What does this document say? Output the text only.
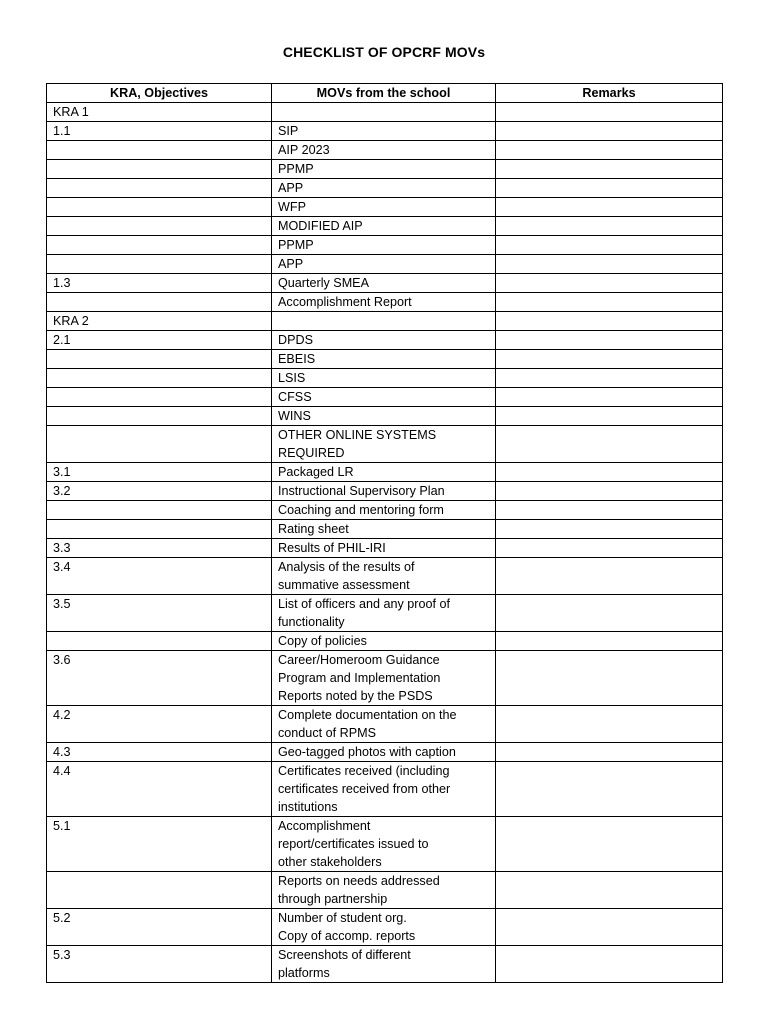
CHECKLIST OF OPCRF MOVs
KRA, Objectives	MOVs from the school	Remarks
KRA 1	

1.1	SIP	

	AIP 2023	

	PPMP	

	APP	

	WFP	

	MODIFIED AIP	

	PPMP	

	APP	

1.3	Quarterly SMEA	

	Accomplishment Report	

KRA 2	

2.1	DPDS	

	EBEIS	

	LSIS	

	CFSS	

	WINS	

	OTHER ONLINE SYSTEMS
REQUIRED	

3.1	Packaged LR	

3.2	Instructional Supervisory Plan	

	Coaching and mentoring form	

	Rating sheet	

3.3	Results of PHIL-IRI	

3.4	Analysis of the results of
summative assessment	

3.5	List of officers and any proof of
functionality	

	Copy of policies	

3.6	Career/Homeroom Guidance
Program and Implementation
Reports noted by the PSDS	

4.2	Complete documentation on the
conduct of RPMS	

4.3	Geo-tagged photos with caption	

4.4	Certificates received (including
certificates received from other
institutions	

5.1	Accomplishment
report/certificates issued to
other stakeholders	

	Reports on needs addressed
through partnership	

5.2	Number of student org.
Copy of accomp. reports	

5.3	Screenshots of different
platforms	
